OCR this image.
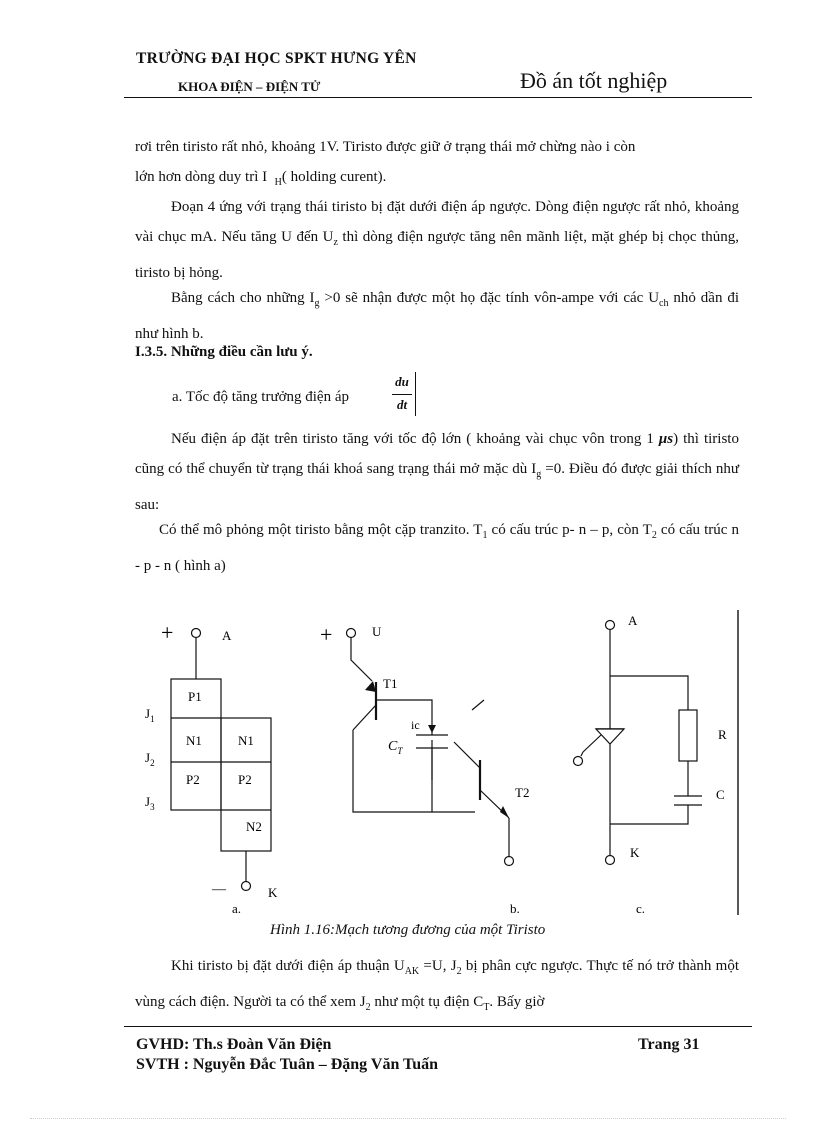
TRƯỜNG ĐẠI HỌC SPKT HƯNG YÊN
KHOA ĐIỆN – ĐIỆN TỬ	Đồ án tốt nghiệp
rơi trên tiristo rất nhỏ, khoảng 1V. Tiristo được giữ ở trạng thái mở chừng nào i còn
lớn hơn dòng duy trì I $_H$( holding curent).

Đoạn 4 ứng với trạng thái tiristo bị đặt dưới điện áp ngược. Dòng điện ngược rất nhỏ, khoảng vài chục mA. Nếu tăng U đến $U_z$ thì dòng điện ngược tăng nên mãnh liệt, mặt ghép bị chọc thủng, tiristo bị hỏng.

Bằng cách cho những $I_g >0$ sẽ nhận được một họ đặc tính vôn-ampe với các $U_{ch}$ nhỏ dần đi như hình b.

I.3.5. Những điều cần lưu ý.
a. Tốc độ tăng trưởng điện áp
du
dt

Nếu điện áp đặt trên tiristo tăng với tốc độ lớn ( khoảng vài chục vôn trong 1 μs) thì tiristo cũng có thể chuyển từ trạng thái khoá sang trạng thái mở mặc dù $I_g =0$. Điều đó được giải thích như sau:

Có thể mô phỏng một tiristo bằng một cặp tranzito. $T_1$ có cấu trúc p- n – p, còn $T_2$ có cấu trúc n - p - n ( hình a)

+	A
—	K
$J_1$
$J_2$
$J_3$
P1
N1
P2
N1
P2
N2
a.
+	U
T1
ic
$C_T$
T2
b.
A
R
C
K
c.
Hình 1.16:Mạch tương đương của một Tiristo

Khi tiristo bị đặt dưới điện áp thuận $U_{AK} =U$, $J_2$ bị phân cực ngược. Thực tế nó trở thành một vùng cách điện. Người ta có thể xem $J_2$ như một tụ điện $C_T$. Bấy giờ

GVHD: Th.s Đoàn Văn Điện	Trang 31
SVTH : Nguyễn Đắc Tuân – Đặng Văn Tuấn
